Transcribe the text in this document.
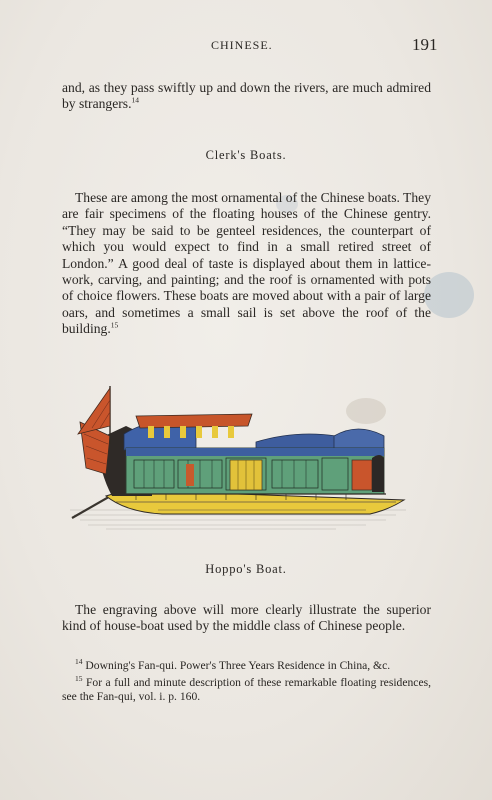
CHINESE.	191
and, as they pass swiftly up and down the rivers, are much admired by strangers.$^{14}$
Clerk's Boats.
These are among the most ornamental of the Chinese boats. They are fair specimens of the floating houses of the Chinese gentry. “They may be said to be genteel residences, the counterpart of which you would expect to find in a small retired street of London.” A good deal of taste is displayed about them in lattice-work, carving, and painting; and the roof is ornamented with pots of choice flowers. These boats are moved about with a pair of large oars, and sometimes a small sail is set above the roof of the building.$^{15}$
Hoppo's Boat.
The engraving above will more clearly illustrate the superior kind of house-boat used by the middle class of Chinese people.

$^{14}$ Downing's Fan-qui. Power's Three Years Residence in China, &c.

$^{15}$ For a full and minute description of these remarkable floating residences, see the Fan-qui, vol. i. p. 160.
